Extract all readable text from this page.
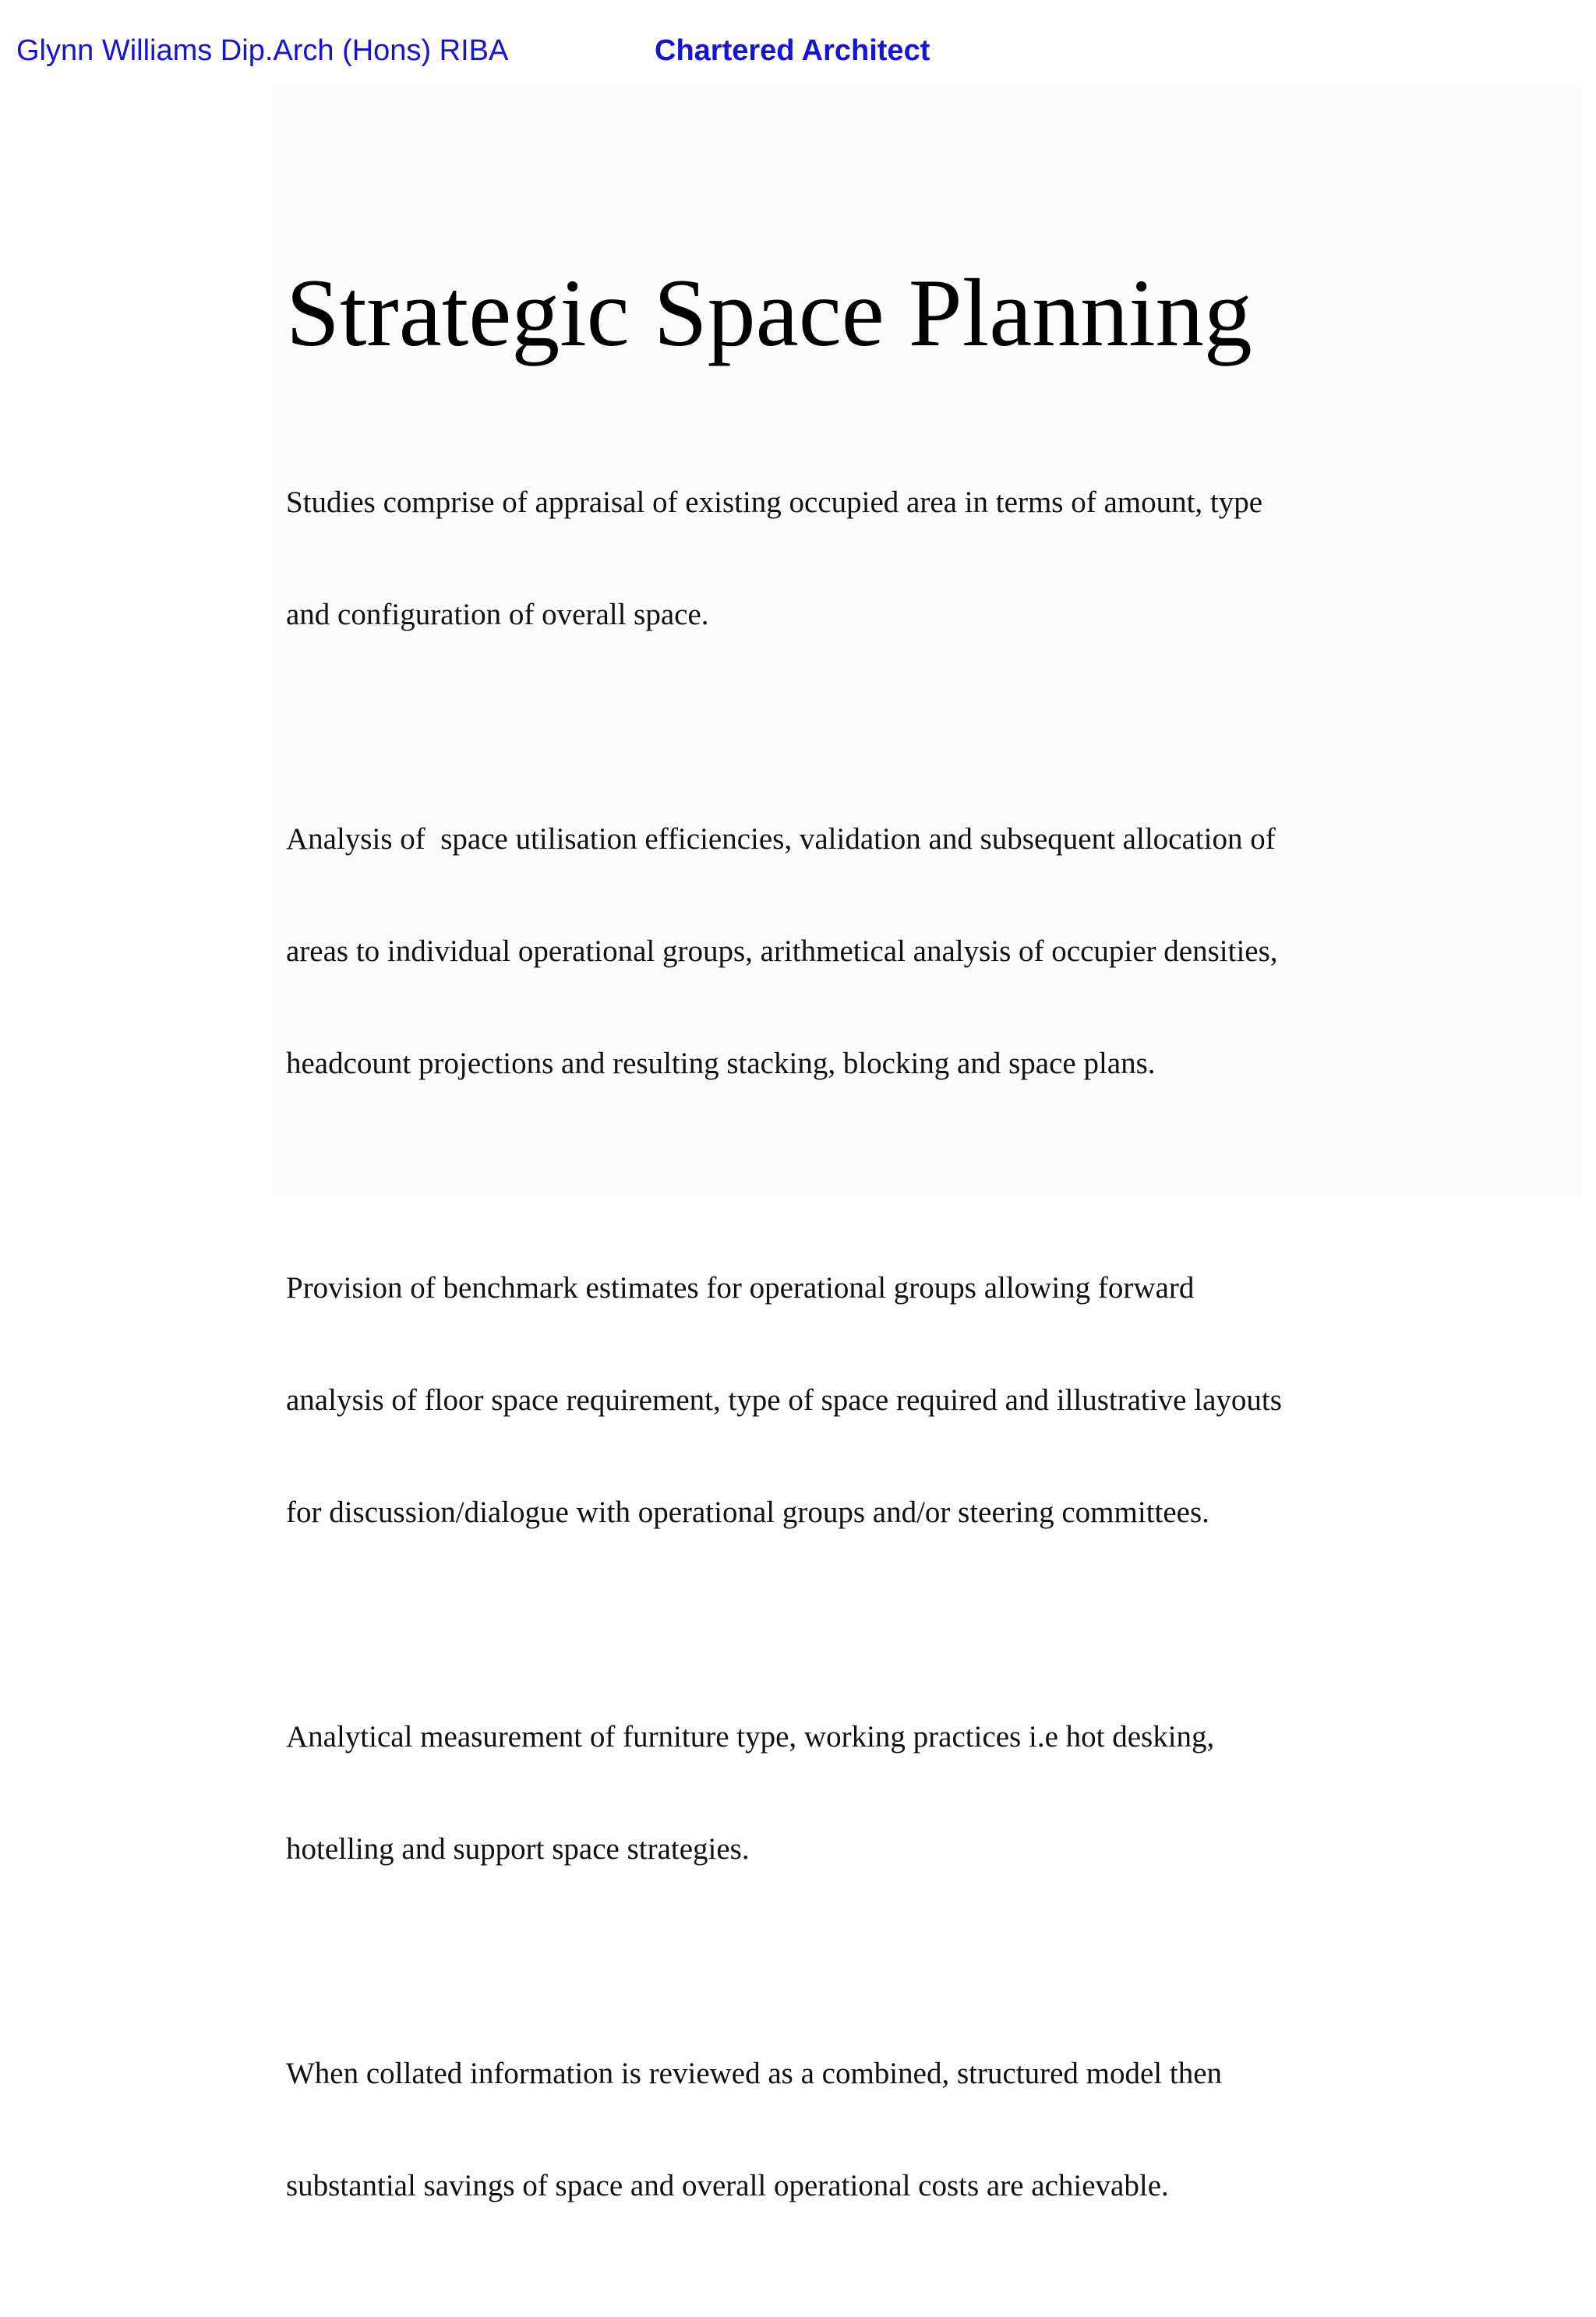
Glynn Williams Dip.Arch (Hons) RIBA	Chartered Architect
Strategic Space Planning

Studies comprise of appraisal of existing occupied area in terms of amount, type

and configuration of overall space.

Analysis of  space utilisation efficiencies, validation and subsequent allocation of

areas to individual operational groups, arithmetical analysis of occupier densities,

headcount projections and resulting stacking, blocking and space plans.

Provision of benchmark estimates for operational groups allowing forward

analysis of floor space requirement, type of space required and illustrative layouts

for discussion/dialogue with operational groups and/or steering committees.

Analytical measurement of furniture type, working practices i.e hot desking,

hotelling and support space strategies.

When collated information is reviewed as a combined, structured model then

substantial savings of space and overall operational costs are achievable.
